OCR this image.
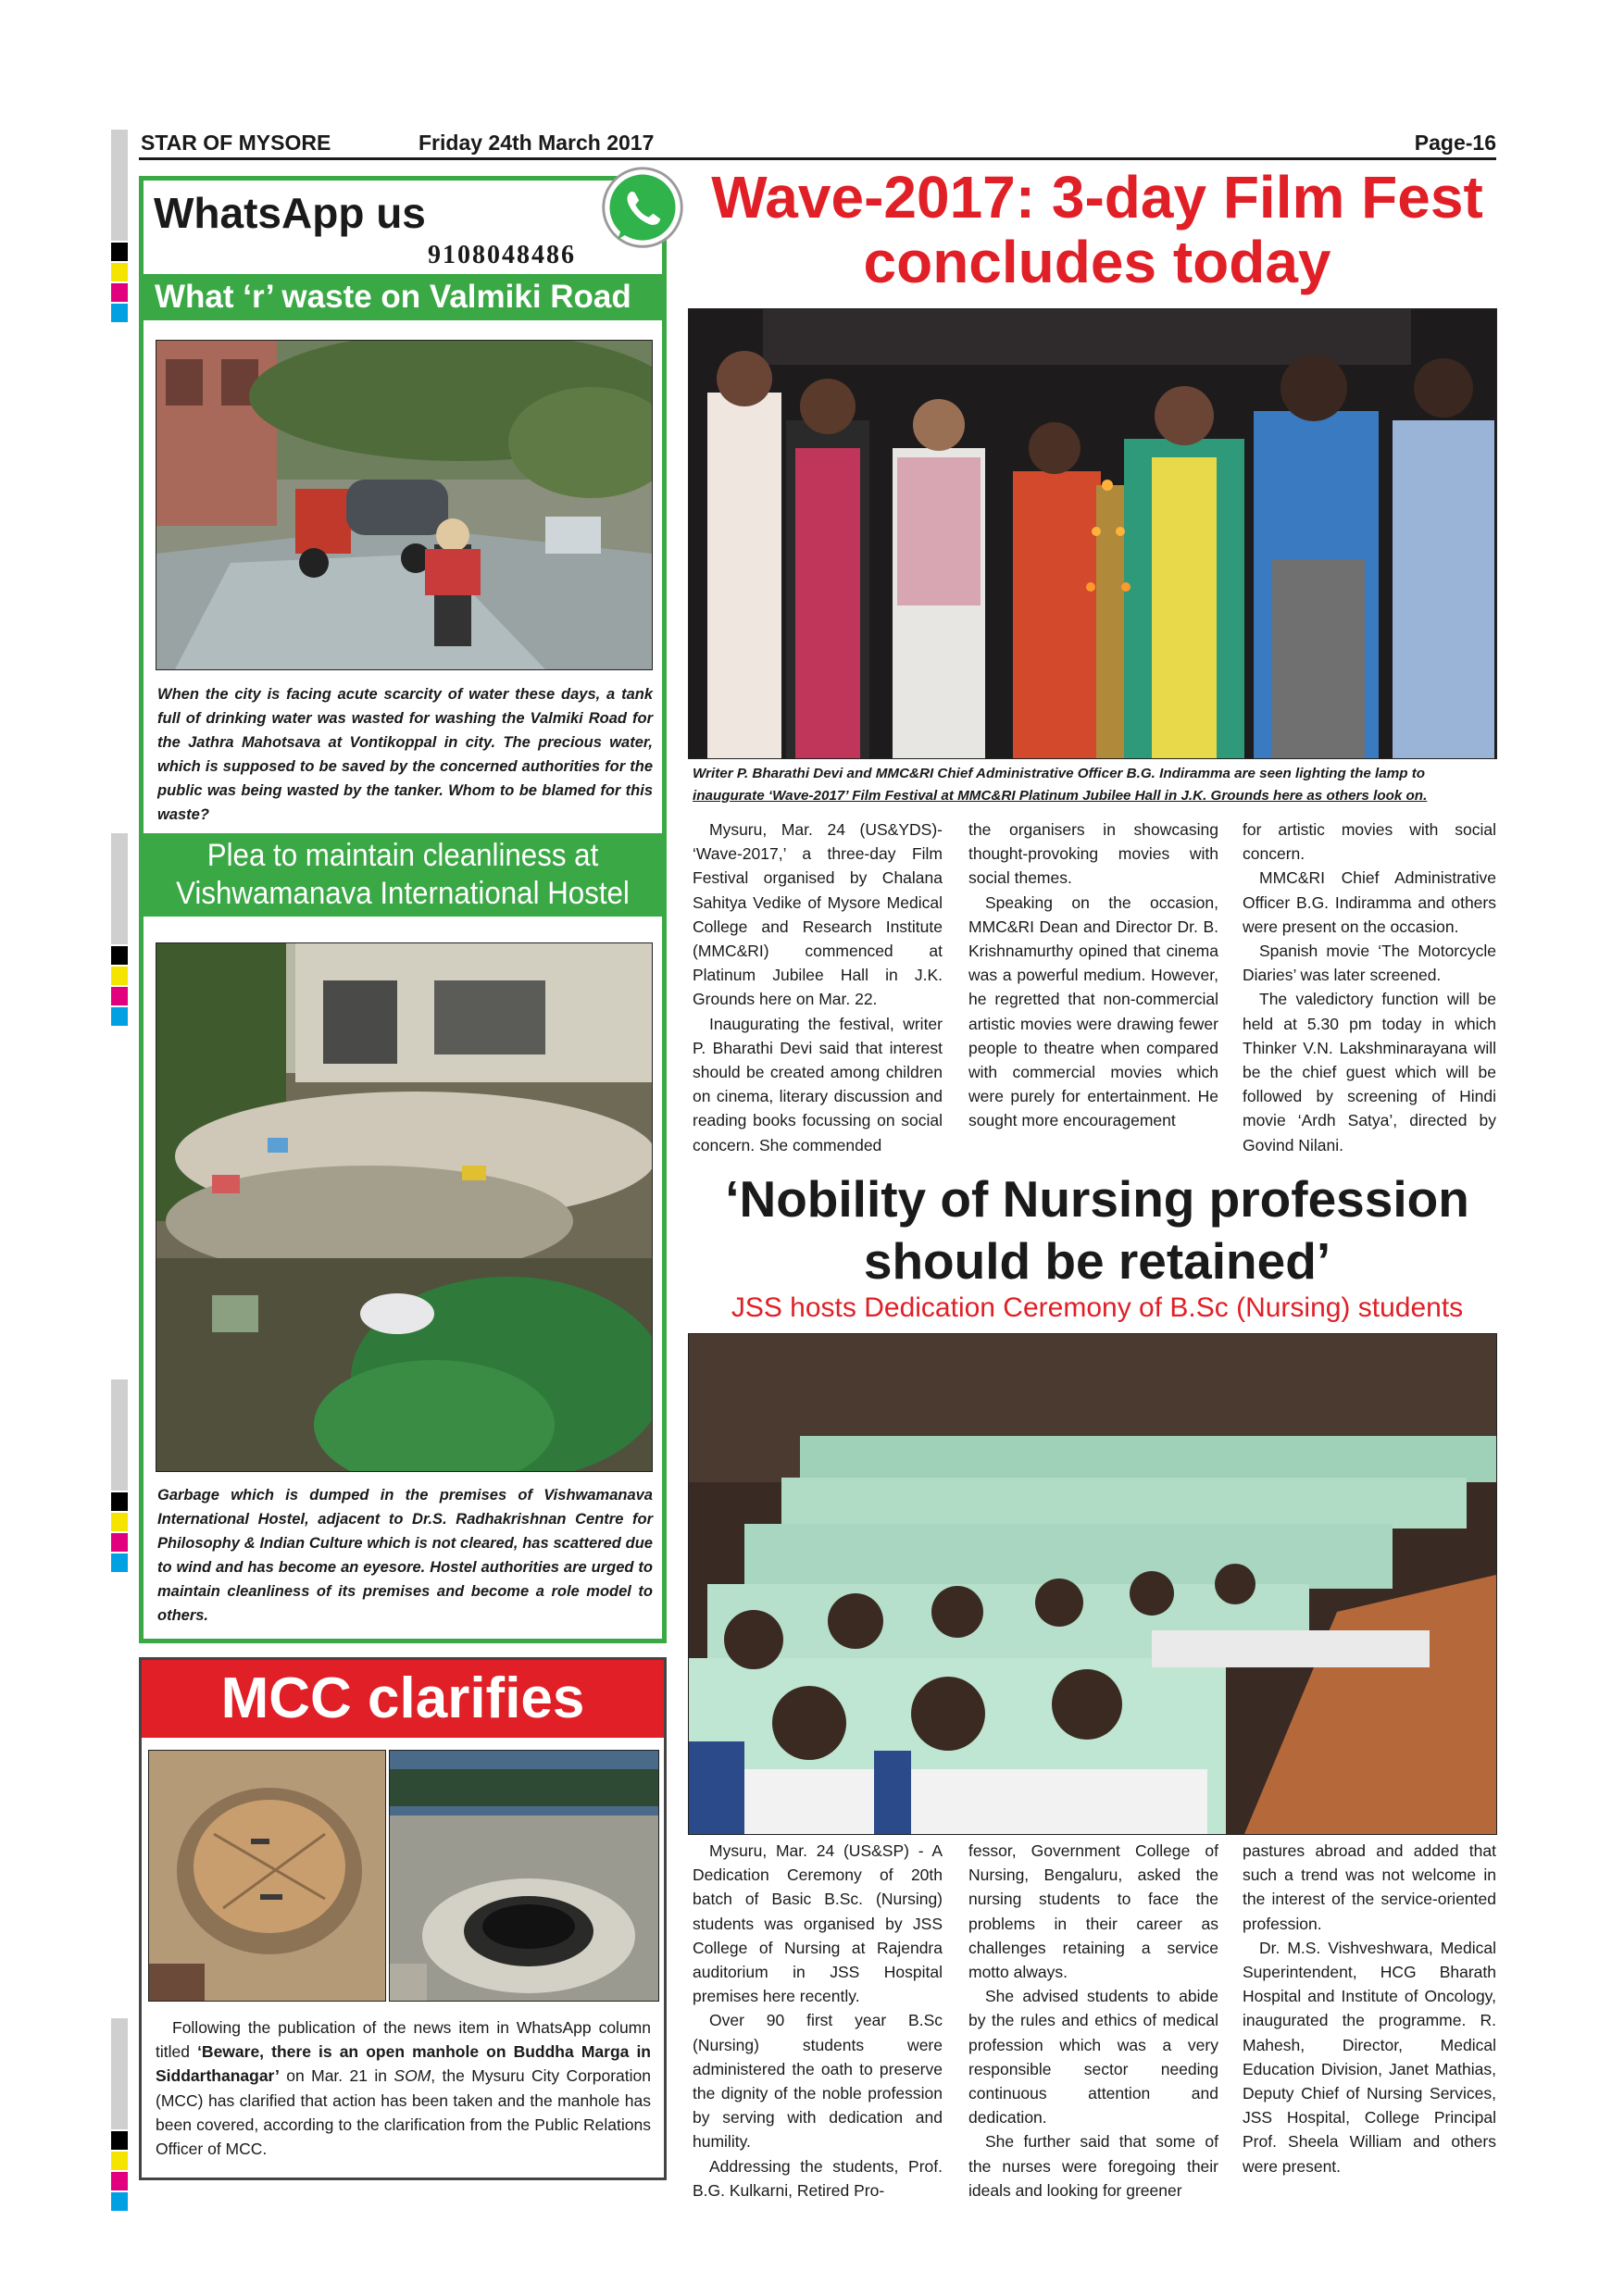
STAR OF MYSORE	Friday 24th March 2017	Page-16
WhatsApp us
9108048486
What ‘r’ waste on Valmiki Road
When the city is facing acute scarcity of water these days, a tank full of drinking water was wasted for washing the Valmiki Road for the Jathra Mahotsava at Vontikoppal in city. The precious water, which is supposed to be saved by the concerned authorities for the public was being wasted by the tanker. Whom to be blamed for this waste?
Plea to maintain cleanliness at
Vishwamanava International Hostel
Garbage which is dumped in the premises of Vishwamanava International Hostel, adjacent to Dr.S. Radhakrishnan Centre for Philosophy & Indian Culture which is not cleared, has scattered due to wind and has become an eyesore. Hostel authorities are urged to maintain cleanliness of its premises and become a role model to others.
MCC clarifies
Following the publication of the news item in WhatsApp column titled ‘Beware, there is an open manhole on Buddha Marga in Siddarthanagar’ on Mar. 21 in SOM, the Mysuru City Corporation (MCC) has clarified that action has been taken and the manhole has been covered, according to the clarification from the Public Relations Officer of MCC.
Wave-2017: 3-day Film Fest
concludes today
Writer P. Bharathi Devi and MMC&RI Chief Administrative Officer B.G. Indiramma are seen lighting the lamp to
inaugurate ‘Wave-2017’ Film Festival at MMC&RI Platinum Jubilee Hall in J.K. Grounds here as others look on.

Mysuru, Mar. 24 (US&YDS)- ‘Wave-2017,’ a three-day Film Festival organised by Chalana Sahitya Vedike of Mysore Medical College and Research Institute (MMC&RI) commenced at Platinum Jubilee Hall in J.K. Grounds here on Mar. 22.

Inaugurating the festival, writer P. Bharathi Devi said that interest should be created among children on cinema, literary discussion and reading books focussing on social concern. She commended

the organisers in showcasing thought-provoking movies with social themes.

Speaking on the occasion, MMC&RI Dean and Director Dr. B. Krishnamurthy opined that cinema was a powerful medium. However, he regretted that non-commercial artistic movies were drawing fewer people to theatre when compared with commercial movies which were purely for entertainment. He sought more encouragement

for artistic movies with social concern.

MMC&RI Chief Administrative Officer B.G. Indiramma and others were present on the occasion.

Spanish movie ‘The Motorcycle Diaries’ was later screened.

The valedictory function will be held at 5.30 pm today in which Thinker V.N. Lakshminarayana will be the chief guest which will be followed by screening of Hindi movie ‘Ardh Satya’, directed by Govind Nilani.

‘Nobility of Nursing profession
should be retained’
JSS hosts Dedication Ceremony of B.Sc (Nursing) students

Mysuru, Mar. 24 (US&SP) - A Dedication Ceremony of 20th batch of Basic B.Sc. (Nursing) students was organised by JSS College of Nursing at Rajendra auditorium in JSS Hospital premises here recently.

Over 90 first year B.Sc (Nursing) students were administered the oath to preserve the dignity of the noble profession by serving with dedication and humility.

Addressing the students, Prof. B.G. Kulkarni, Retired Pro-

fessor, Government College of Nursing, Bengaluru, asked the nursing students to face the problems in their career as challenges retaining a service motto always.

She advised students to abide by the rules and ethics of medical profession which was a very responsible sector needing continuous attention and dedication.

She further said that some of the nurses were foregoing their ideals and looking for greener

pastures abroad and added that such a trend was not welcome in the interest of the service-oriented profession.

Dr. M.S. Vishveshwara, Medical Superintendent, HCG Bharath Hospital and Institute of Oncology, inaugurated the programme. R. Mahesh, Director, Medical Education Division, Janet Mathias, Deputy Chief of Nursing Services, JSS Hospital, College Principal Prof. Sheela William and others were present.
